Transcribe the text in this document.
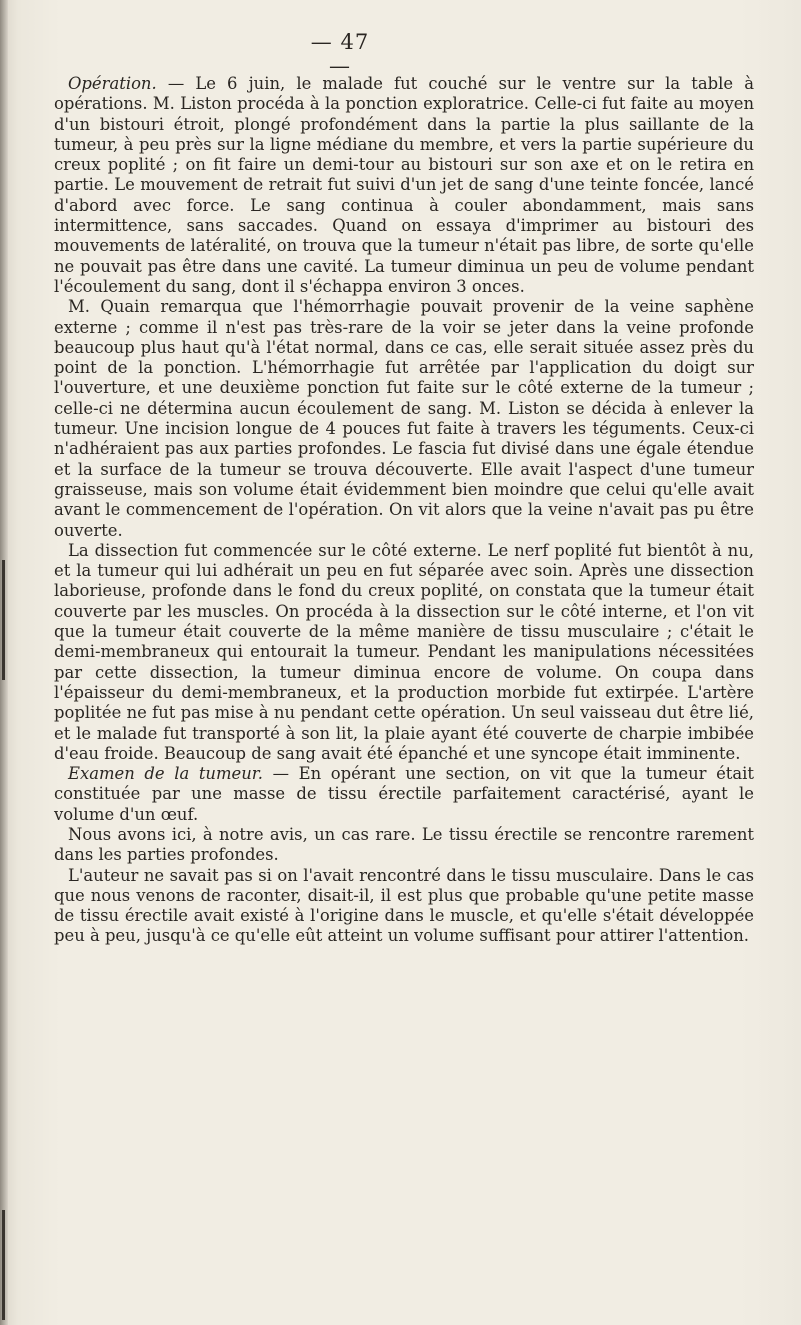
— 47 —

Opération. — Le 6 juin, le malade fut couché sur le ventre sur la table à opérations. M. Liston procéda à la ponction exploratrice. Celle-ci fut faite au moyen d'un bistouri étroit, plongé profondément dans la partie la plus saillante de la tumeur, à peu près sur la ligne médiane du membre, et vers la partie supérieure du creux poplité ; on fit faire un demi-tour au bistouri sur son axe et on le retira en partie. Le mouvement de retrait fut suivi d'un jet de sang d'une teinte foncée, lancé d'abord avec force. Le sang continua à couler abondamment, mais sans intermittence, sans saccades. Quand on essaya d'imprimer au bistouri des mouvements de latéralité, on trouva que la tumeur n'était pas libre, de sorte qu'elle ne pouvait pas être dans une cavité. La tumeur diminua un peu de volume pendant l'écoulement du sang, dont il s'échappa environ 3 onces.

M. Quain remarqua que l'hémorrhagie pouvait provenir de la veine saphène externe ; comme il n'est pas très-rare de la voir se jeter dans la veine profonde beaucoup plus haut qu'à l'état normal, dans ce cas, elle serait située assez près du point de la ponction. L'hémorrhagie fut arrêtée par l'application du doigt sur l'ouverture, et une deuxième ponction fut faite sur le côté externe de la tumeur ; celle-ci ne détermina aucun écoulement de sang. M. Liston se décida à enlever la tumeur. Une incision longue de 4 pouces fut faite à travers les téguments. Ceux-ci n'adhéraient pas aux parties profondes. Le fascia fut divisé dans une égale étendue et la surface de la tumeur se trouva découverte. Elle avait l'aspect d'une tumeur graisseuse, mais son volume était évidemment bien moindre que celui qu'elle avait avant le commencement de l'opération. On vit alors que la veine n'avait pas pu être ouverte.

La dissection fut commencée sur le côté externe. Le nerf poplité fut bientôt à nu, et la tumeur qui lui adhérait un peu en fut séparée avec soin. Après une dissection laborieuse, profonde dans le fond du creux poplité, on constata que la tumeur était couverte par les muscles. On procéda à la dissection sur le côté interne, et l'on vit que la tumeur était couverte de la même manière de tissu musculaire ; c'était le demi-membraneux qui entourait la tumeur. Pendant les manipulations nécessitées par cette dissection, la tumeur diminua encore de volume. On coupa dans l'épaisseur du demi-membraneux, et la production morbide fut extirpée. L'artère poplitée ne fut pas mise à nu pendant cette opération. Un seul vaisseau dut être lié, et le malade fut transporté à son lit, la plaie ayant été couverte de charpie imbibée d'eau froide. Beaucoup de sang avait été épanché et une syncope était imminente.

Examen de la tumeur. — En opérant une section, on vit que la tumeur était constituée par une masse de tissu érectile parfaitement caractérisé, ayant le volume d'un œuf.

Nous avons ici, à notre avis, un cas rare. Le tissu érectile se rencontre rarement dans les parties profondes.

L'auteur ne savait pas si on l'avait rencontré dans le tissu musculaire. Dans le cas que nous venons de raconter, disait-il, il est plus que probable qu'une petite masse de tissu érectile avait existé à l'origine dans le muscle, et qu'elle s'était développée peu à peu, jusqu'à ce qu'elle eût atteint un volume suffisant pour attirer l'attention.
